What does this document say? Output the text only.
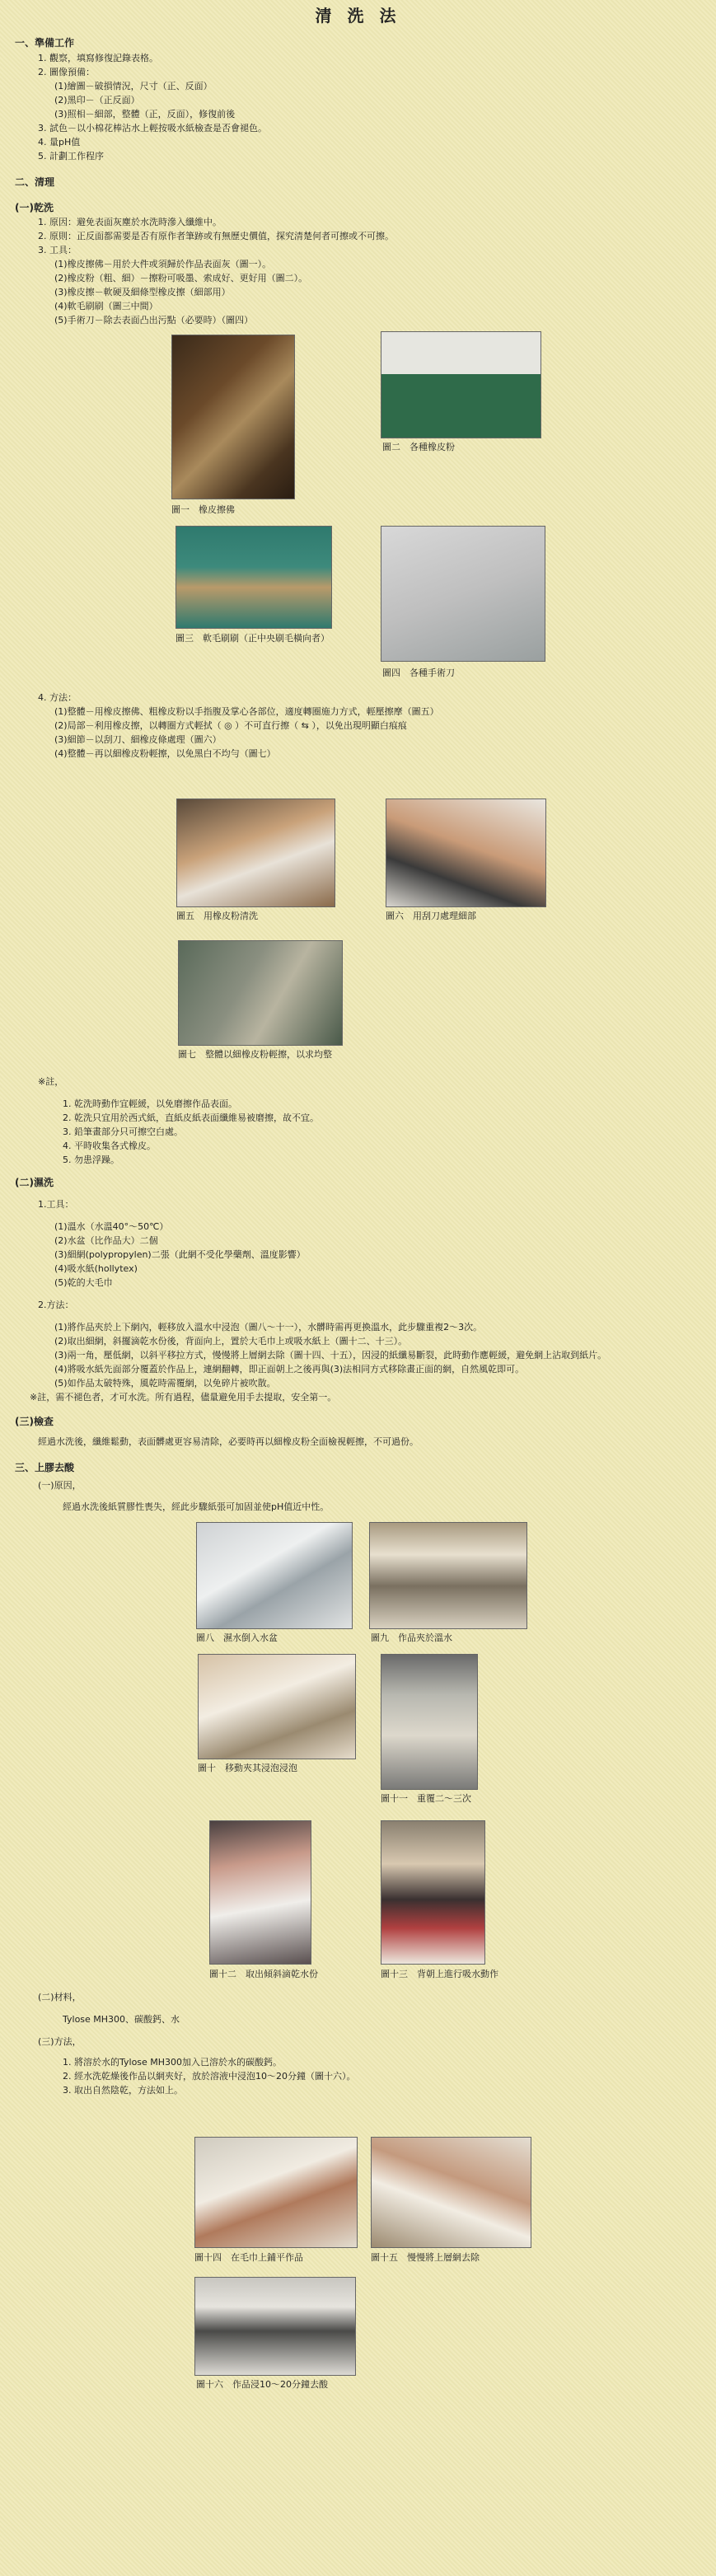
清 洗 法

一、準備工作

1. 觀察，填寫修復記錄表格。

2. 圖像預備：

(1)繪圖－破損情況，尺寸（正、反面）

(2)黑印－（正反面）

(3)照相－細部，整體（正，反面），修復前後

3. 試色－以小棉花棒沾水上輕按吸水紙檢查是否會褪色。

4. 量pH值

5. 計劃工作程序

二、清理

(一)乾洗

1. 原因：避免表面灰塵於水洗時滲入纖維中。

2. 原則：正反面都需要是否有原作者筆跡或有無歷史價值，探究清楚何者可擦或不可擦。

3. 工具：

(1)橡皮擦佛－用於大件或須歸於作品表面灰（圖一）。

(2)橡皮粉（粗、細）－擦粉可吸墨、索成好、更好用（圖二）。

(3)橡皮擦－軟硬及細條型橡皮擦（細部用）

(4)軟毛刷刷（圖三中間）

(5)手術刀－除去表面凸出污點（必要時）（圖四）

圖一　橡皮擦佛
圖二　各種橡皮粉
圖三　軟毛刷刷（正中央刷毛橫向者）
圖四　各種手術刀

4. 方法：

(1)整體－用橡皮擦佛、粗橡皮粉以手指腹及掌心各部位，適度轉圈施力方式，輕壓擦摩（圖五）

(2)局部－利用橡皮擦，以轉圈方式輕拭（ ◎ ）不可直行擦（ ⇆ ），以免出現明顯白痕痕

(3)細節－以刮刀、細橡皮條處理（圖六）

(4)整體－再以細橡皮粉輕擦，以免黑白不均勻（圖七）

圖五　用橡皮粉清洗	圖六　用刮刀處理細部
圖七　整體以細橡皮粉輕擦，以求均整

※註，

1. 乾洗時動作宜輕緩，以免磨擦作品表面。

2. 乾洗只宜用於西式紙，直紙皮紙表面纖維易被磨擦，故不宜。

3. 鉛筆畫部分只可擦空白處。

4. 平時收集各式橡皮。

5. 勿患浮躁。

(二)濕洗

1.工具：

(1)溫水（水溫40°～50℃）

(2)水盆（比作品大）二個

(3)細網(polypropylen)二張（此網不受化學藥劑、溫度影響）

(4)吸水紙(hollytex)

(5)乾的大毛巾

2.方法：

(1)將作品夾於上下網內，輕移放入溫水中浸泡（圖八～十一），水髒時需再更換溫水，此步驟重複2～3次。

(2)取出細網，斜擺滴乾水份後，背面向上，置於大毛巾上或吸水紙上（圖十二、十三）。

(3)兩一角，壓低網，以斜平移拉方式，慢慢將上層網去除（圖十四、十五），因浸的紙纖易斷裂，此時動作應輕緩，避免網上沾取到紙片。

(4)將吸水紙先面部分覆蓋於作品上，連網翻轉，即正面朝上之後再與(3)法相同方式移除畫正面的網，自然風乾即可。

(5)如作品太破特殊，風乾時需覆網，以免碎片被吹散。

※註，需不褪色者，才可水洗。所有過程，儘量避免用手去提取，安全第一。

(三)檢查

經過水洗後，纖維鬆動，表面髒處更容易清除，必要時再以細橡皮粉全面檢視輕擦，不可過份。

三、上膠去酸

(一)原因，

經過水洗後紙質膠性喪失，經此步驟紙張可加固並使pH值近中性。

圖八　濕水倒入水盆	圖九　作品夾於溫水
圖十　移動夾其浸泡浸泡
圖十一　重覆二～三次
圖十二　取出傾斜滴乾水份	圖十三　背朝上進行吸水動作

(二)材料，

Tylose MH300、碳酸鈣、水

(三)方法，

1. 將溶於水的Tylose MH300加入已溶於水的碳酸鈣。

2. 經水洗乾燥後作品以網夾好，放於溶液中浸泡10～20分鐘（圖十六）。

3. 取出自然陰乾，方法如上。

圖十四　在毛巾上鋪平作品	圖十五　慢慢將上層網去除
圖十六　作品浸10～20分鐘去酸
